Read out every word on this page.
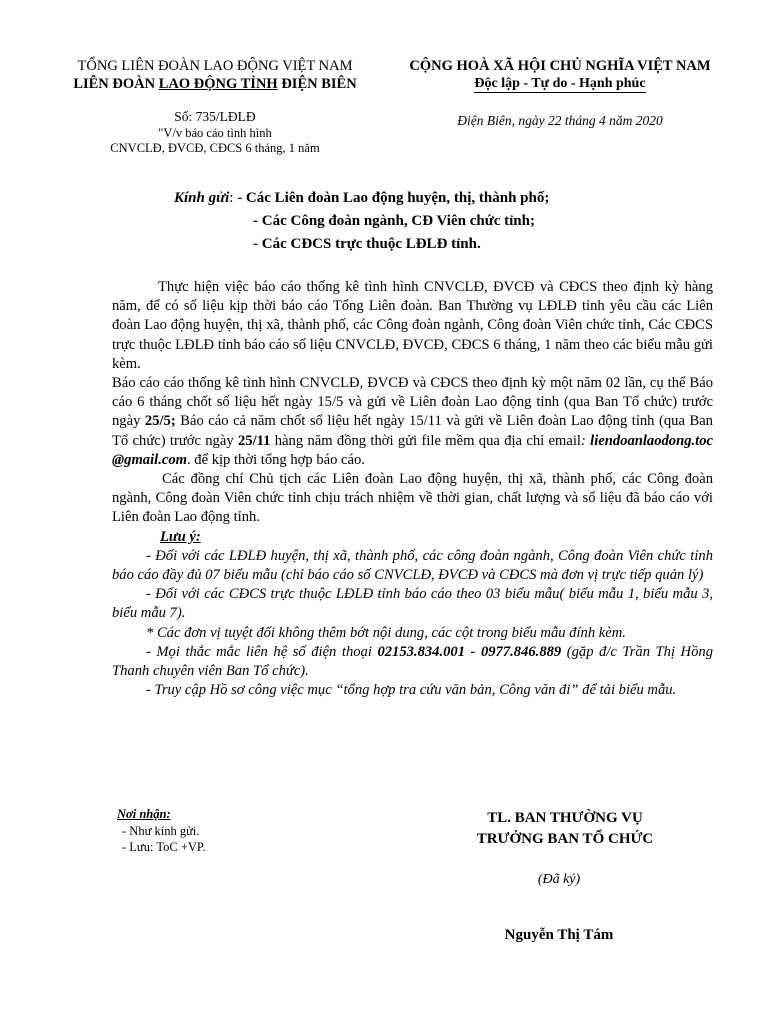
TỔNG LIÊN ĐOÀN LAO ĐỘNG VIỆT NAM
LIÊN ĐOÀN LAO ĐỘNG TỈNH ĐIỆN BIÊN
CỘNG HOÀ XÃ HỘI CHỦ NGHĨA VIỆT NAM
Độc lập - Tự do - Hạnh phúc
Số: 735/LĐLĐ
"V/v báo cáo tình hình
CNVCLĐ, ĐVCĐ, CĐCS 6 tháng, 1 năm
Điện Biên, ngày 22 tháng 4 năm 2020
Kính gửi: - Các Liên đoàn Lao động huyện, thị, thành phố;
- Các Công đoàn ngành, CĐ Viên chức tỉnh;
- Các CĐCS trực thuộc LĐLĐ tỉnh.

Thực hiện việc báo cáo thống kê tình hình CNVCLĐ, ĐVCĐ và CĐCS theo định kỳ hàng năm, để có số liệu kịp thời báo cáo Tổng Liên đoàn. Ban Thường vụ LĐLĐ tỉnh yêu cầu các Liên đoàn Lao động huyện, thị xã, thành phố, các Công đoàn ngành, Công đoàn Viên chức tỉnh, Các CĐCS trực thuộc LĐLĐ tỉnh báo cáo số liệu CNVCLĐ, ĐVCĐ, CĐCS 6 tháng, 1 năm theo các biểu mẫu gửi kèm.

Báo cáo cáo thống kê tình hình CNVCLĐ, ĐVCĐ và CĐCS theo định kỳ một năm 02 lần, cụ thể Báo cáo 6 tháng chốt số liệu hết ngày 15/5 và gửi về Liên đoàn Lao động tỉnh (qua Ban Tổ chức) trước ngày 25/5; Báo cáo cả năm chốt số liệu hết ngày 15/11 và gửi về Liên đoàn Lao động tỉnh (qua Ban Tổ chức) trước ngày 25/11 hàng năm đồng thời gửi file mềm qua địa chỉ email: liendoanlaodong.toc @gmail.com. để kịp thời tổng hợp báo cáo.

Các đồng chí Chủ tịch các Liên đoàn Lao động huyện, thị xã, thành phố, các Công đoàn ngành, Công đoàn Viên chức tỉnh chịu trách nhiệm về thời gian, chất lượng và số liệu đã báo cáo với Liên đoàn Lao động tỉnh.

Lưu ý:

- Đối với các LĐLĐ huyện, thị xã, thành phố, các công đoàn ngành, Công đoàn Viên chức tỉnh báo cáo đầy đủ 07 biểu mẫu (chỉ báo cáo số CNVCLĐ, ĐVCĐ và CĐCS mà đơn vị trực tiếp quản lý)

- Đối với các CĐCS trực thuộc LĐLĐ tỉnh báo cáo theo 03 biểu mẫu( biểu mẫu 1, biểu mẫu 3, biểu mẫu 7).

* Các đơn vị tuyệt đối không thêm bớt nội dung, các cột trong biểu mẫu đính kèm.

- Mọi thắc mắc liên hệ số điện thoại 02153.834.001 - 0977.846.889 (gặp đ/c Trần Thị Hồng Thanh chuyên viên Ban Tổ chức).

- Truy cập Hồ sơ công việc mục “tổng hợp tra cứu văn bản, Công văn đi” để tải biểu mẫu.

Nơi nhận:
- Như kính gửi.
- Lưu: ToC +VP.
TL. BAN THƯỜNG VỤ
TRƯỞNG BAN TỔ CHỨC
(Đã ký)
Nguyễn Thị Tám
